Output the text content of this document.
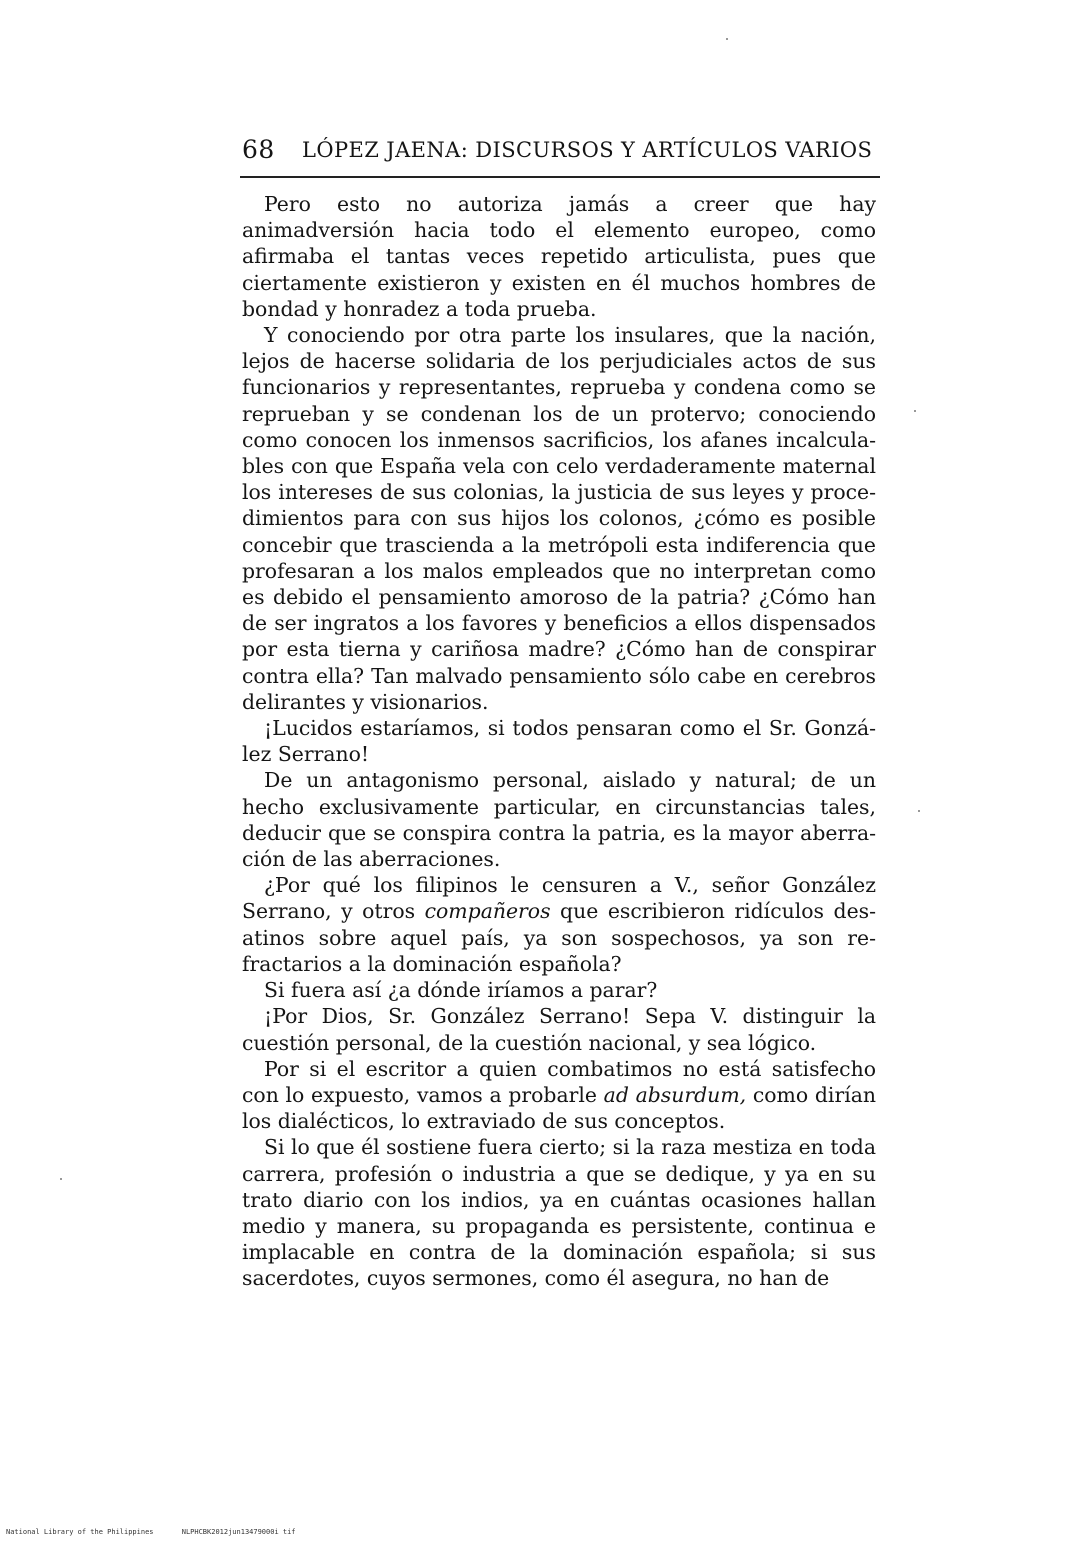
68 LÓPEZ JAENA: DISCURSOS Y ARTÍCULOS VARIOS

Pero esto no autoriza jamás a creer que hay animadversión hacia todo el elemento europeo, como afirmaba el tantas veces repetido articulista, pues que ciertamente existieron y existen en él muchos hombres de bondad y honradez a toda prueba.

Y conociendo por otra parte los insulares, que la nación, lejos de hacerse solidaria de los perjudiciales actos de sus funcionarios y representantes, reprueba y condena como se reprueban y se condenan los de un protervo; conociendo como conocen los inmensos sacrificios, los afanes incalculables con que España vela con celo verdaderamente maternal los intereses de sus colonias, la justicia de sus leyes y procedimientos para con sus hijos los colonos, ¿cómo es posible concebir que trascienda a la metrópoli esta indiferencia que profesaran a los malos empleados que no interpretan como es debido el pensamiento amoroso de la patria? ¿Cómo han de ser ingratos a los favores y beneficios a ellos dispensados por esta tierna y cariñosa madre? ¿Cómo han de conspirar contra ella? Tan malvado pensamiento sólo cabe en cerebros delirantes y visionarios.

¡Lucidos estaríamos, si todos pensaran como el Sr. González Serrano!

De un antagonismo personal, aislado y natural; de un hecho exclusivamente particular, en circunstancias tales, deducir que se conspira contra la patria, es la mayor aberración de las aberraciones.

¿Por qué los filipinos le censuren a V., señor González Serrano, y otros compañeros que escribieron ridículos desatinos sobre aquel país, ya son sospechosos, ya son refractarios a la dominación española?

Si fuera así ¿a dónde iríamos a parar?

¡Por Dios, Sr. González Serrano! Sepa V. distinguir la cuestión personal, de la cuestión nacional, y sea lógico.

Por si el escritor a quien combatimos no está satisfecho con lo expuesto, vamos a probarle ad absurdum, como dirían los dialécticos, lo extraviado de sus conceptos.

Si lo que él sostiene fuera cierto; si la raza mestiza en toda carrera, profesión o industria a que se dedique, y ya en su trato diario con los indios, ya en cuántas ocasiones hallan medio y manera, su propaganda es persistente, continua e implacable en contra de la dominación española; si sus sacerdotes, cuyos sermones, como él asegura, no han de

National Library of the Philippines	NLPHCBK2012jun13479000i tif
